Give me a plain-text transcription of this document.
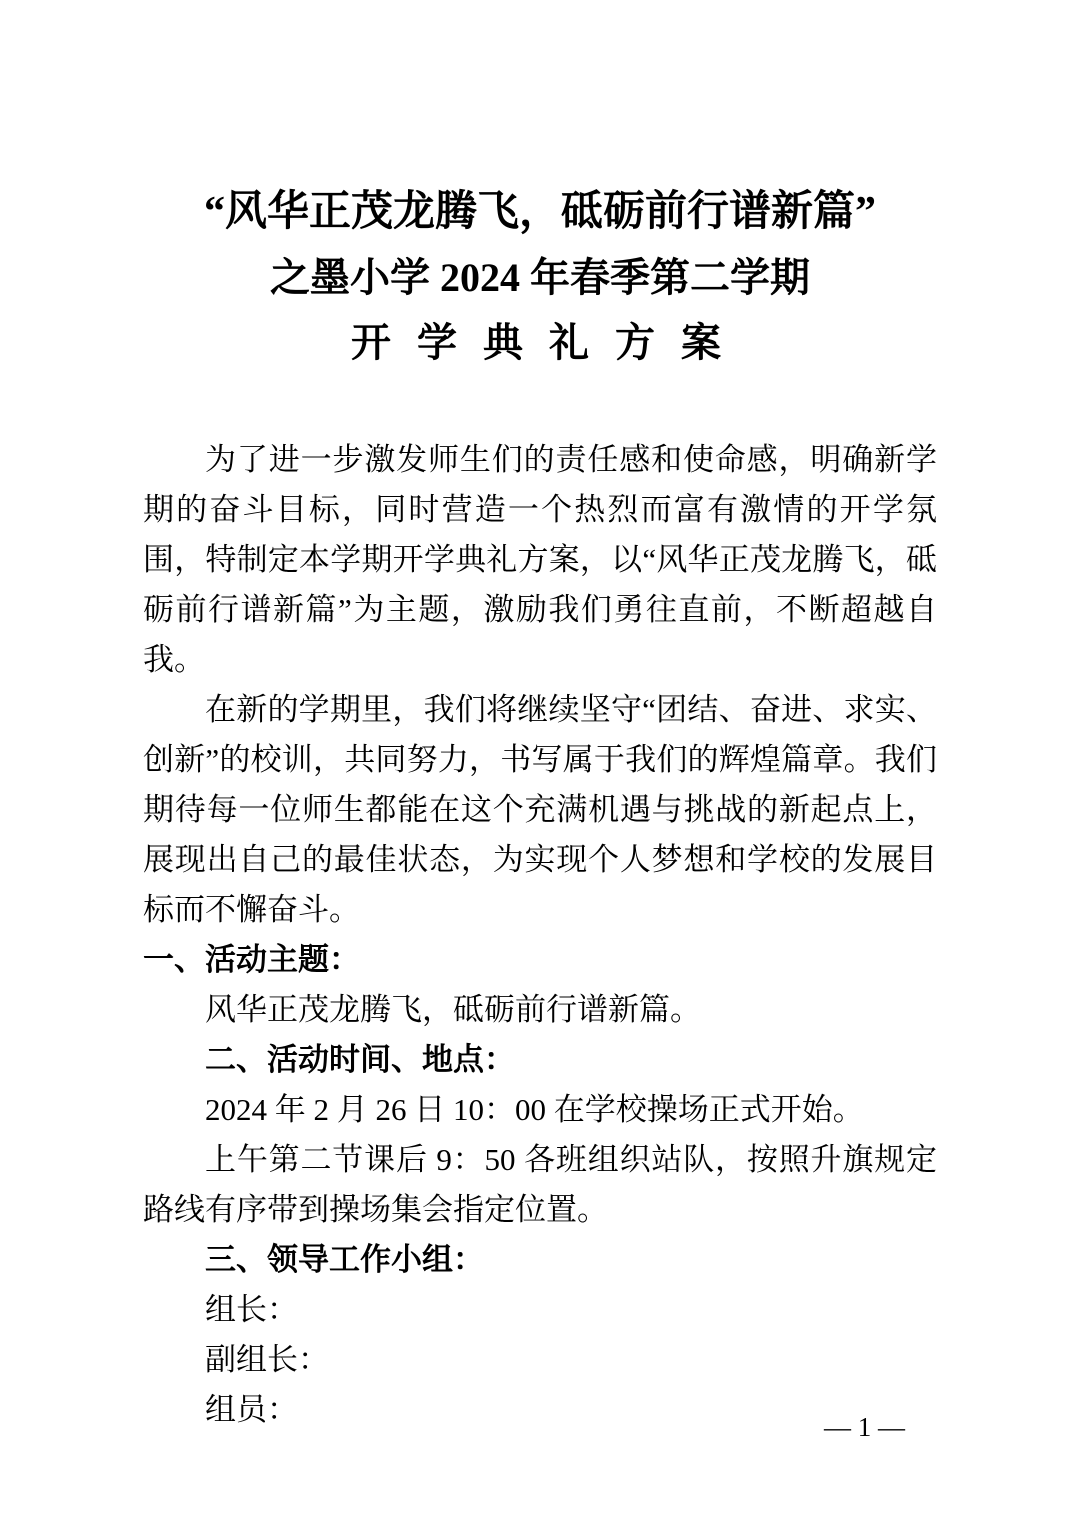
“风华正茂龙腾飞，砥砺前行谱新篇”
之墨小学 2024 年春季第二学期
开 学 典 礼 方 案

为了进一步激发师生们的责任感和使命感，明确新学期的奋斗目标，同时营造一个热烈而富有激情的开学氛围，特制定本学期开学典礼方案，以“风华正茂龙腾飞，砥砺前行谱新篇”为主题，激励我们勇往直前，不断超越自我。

在新的学期里，我们将继续坚守“团结、奋进、求实、创新”的校训，共同努力，书写属于我们的辉煌篇章。我们期待每一位师生都能在这个充满机遇与挑战的新起点上，展现出自己的最佳状态，为实现个人梦想和学校的发展目标而不懈奋斗。

一、活动主题：

风华正茂龙腾飞，砥砺前行谱新篇。

二、活动时间、地点：

2024 年 2 月 26 日 10：00 在学校操场正式开始。

上午第二节课后 9：50 各班组织站队，按照升旗规定路线有序带到操场集会指定位置。

三、领导工作小组：

组长：

副组长：

组员：	— 1 —
